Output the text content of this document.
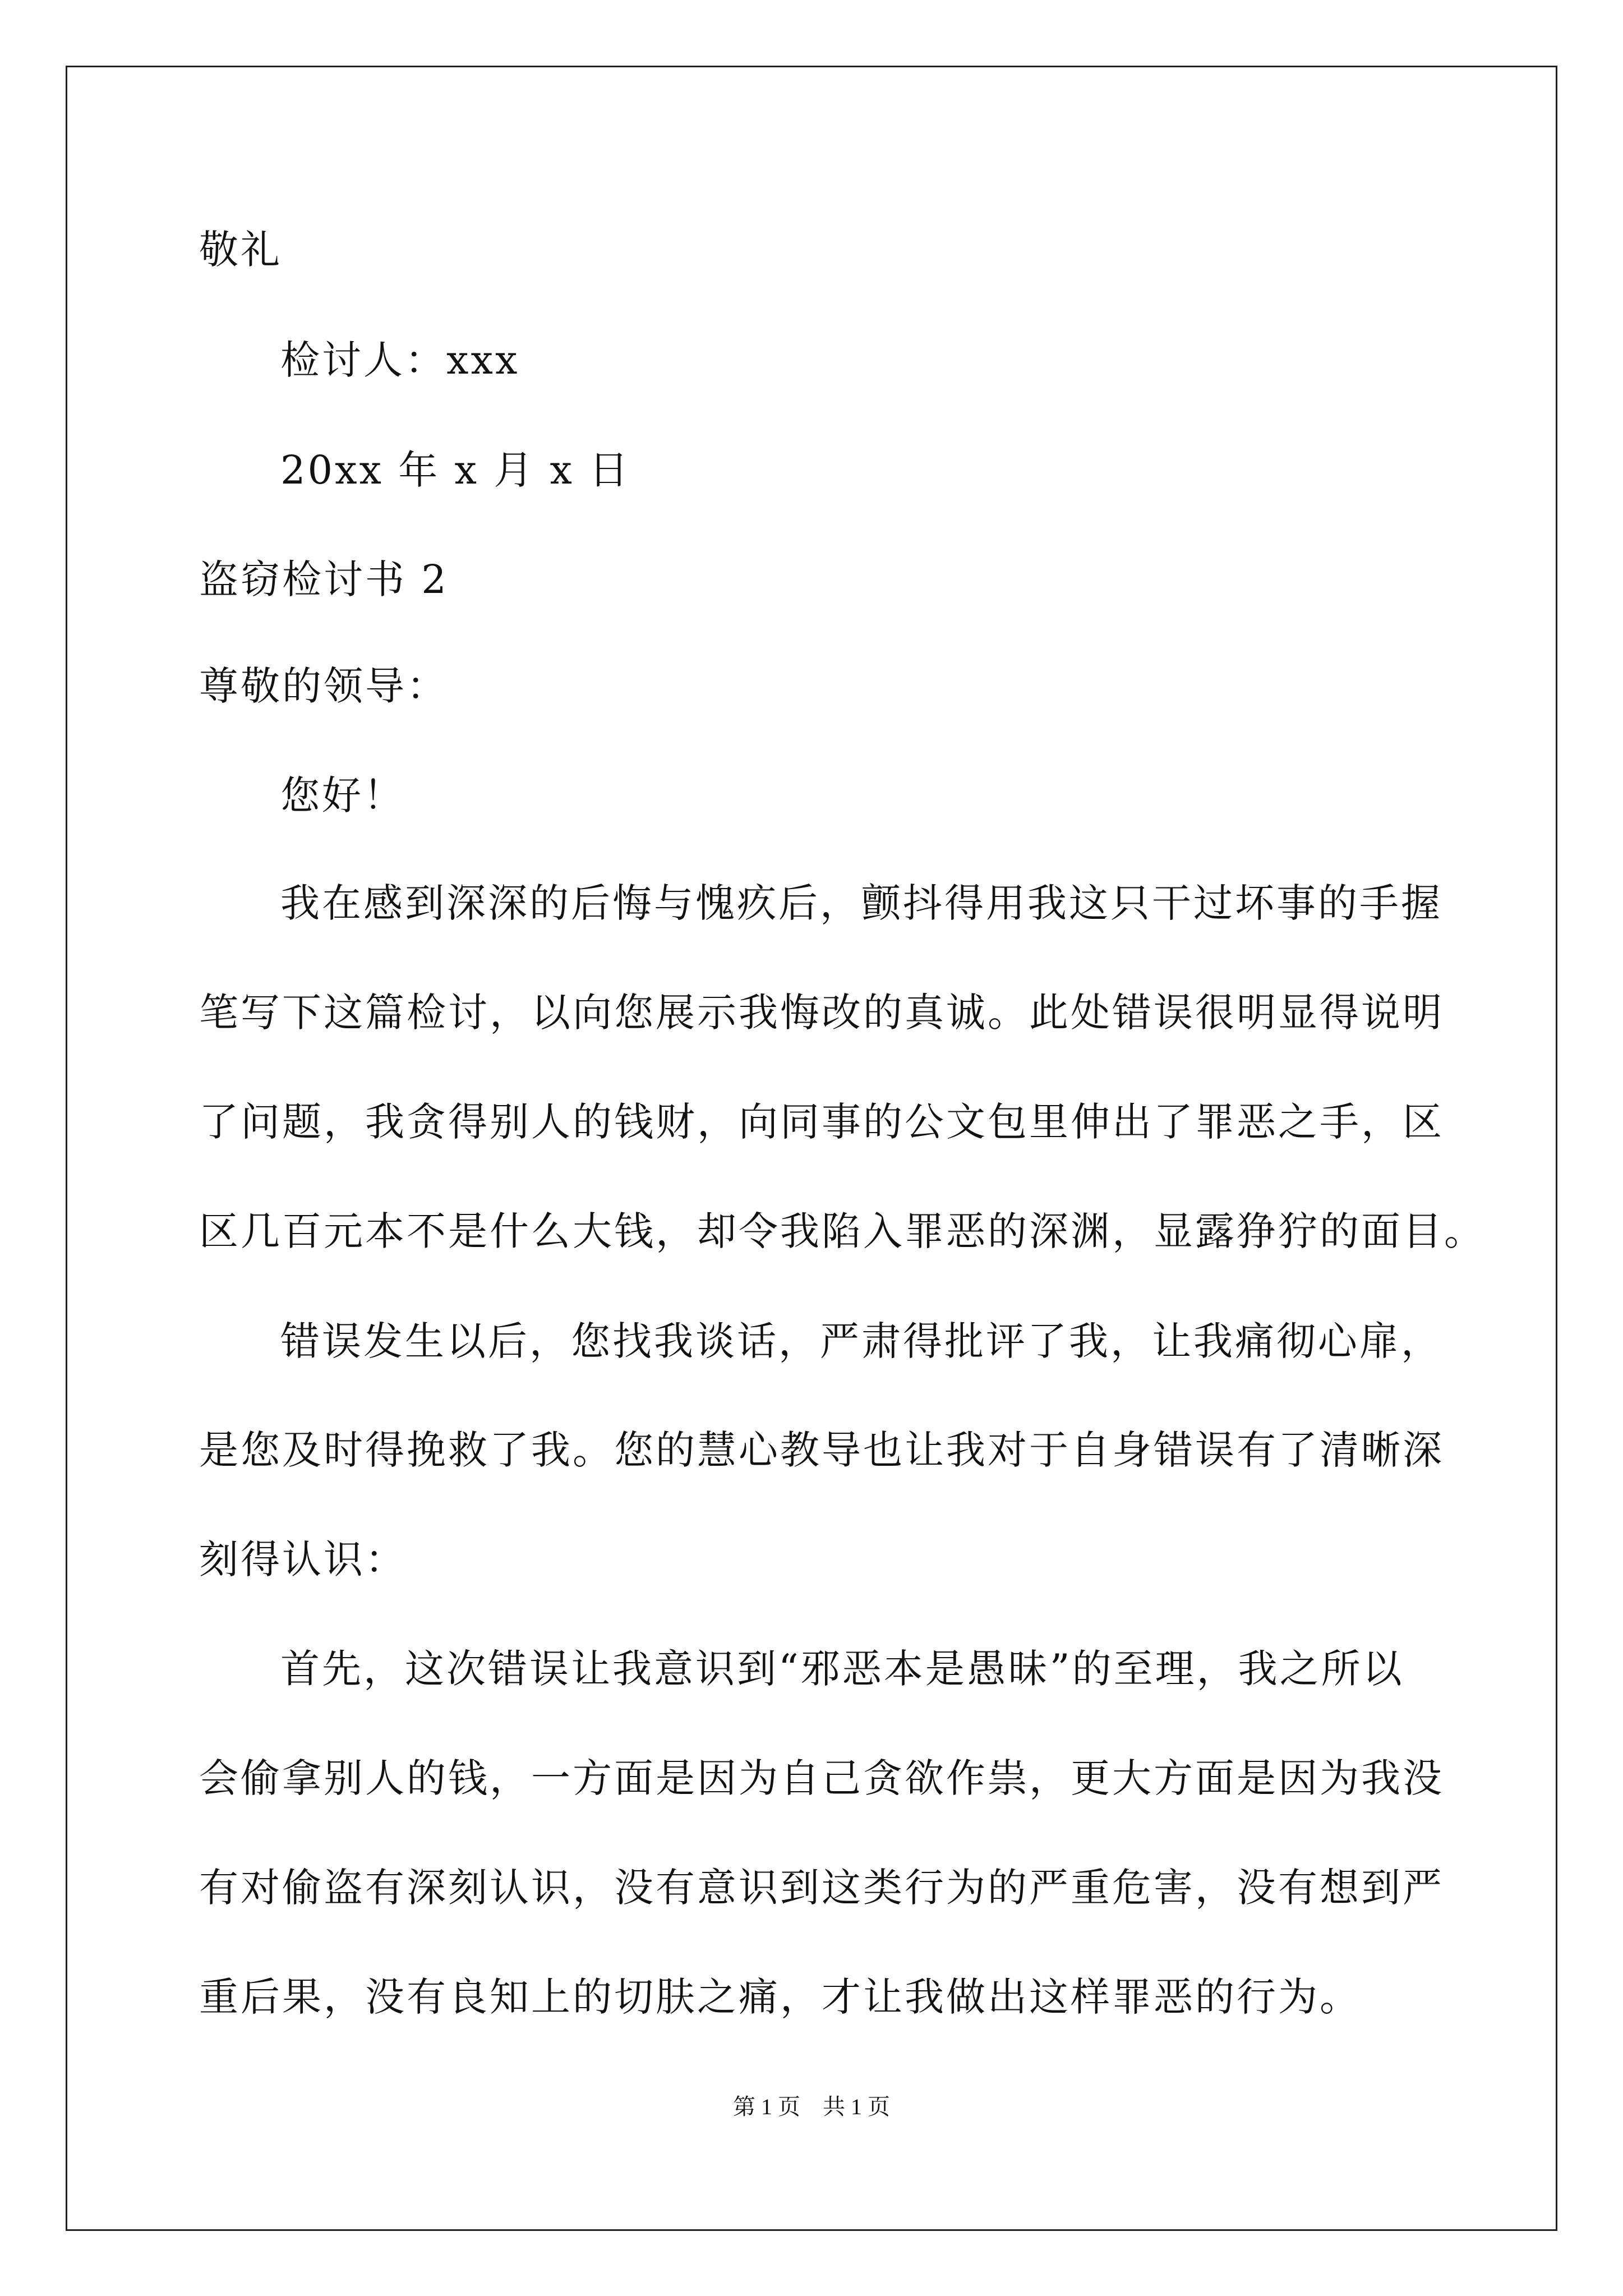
敬礼
检讨人：xxx
20xx 年 x 月 x 日
盗窃检讨书 2
尊敬的领导：
您好！
我在感到深深的后悔与愧疚后，颤抖得用我这只干过坏事的手握
笔写下这篇检讨，以向您展示我悔改的真诚。此处错误很明显得说明
了问题，我贪得别人的钱财，向同事的公文包里伸出了罪恶之手，区
区几百元本不是什么大钱，却令我陷入罪恶的深渊，显露狰狞的面目。
错误发生以后，您找我谈话，严肃得批评了我，让我痛彻心扉，
是您及时得挽救了我。您的慧心教导也让我对于自身错误有了清晰深
刻得认识：
首先，这次错误让我意识到“邪恶本是愚昧”的至理，我之所以
会偷拿别人的钱，一方面是因为自己贪欲作祟，更大方面是因为我没
有对偷盗有深刻认识，没有意识到这类行为的严重危害，没有想到严
重后果，没有良知上的切肤之痛，才让我做出这样罪恶的行为。
第 1 页　共 1 页
